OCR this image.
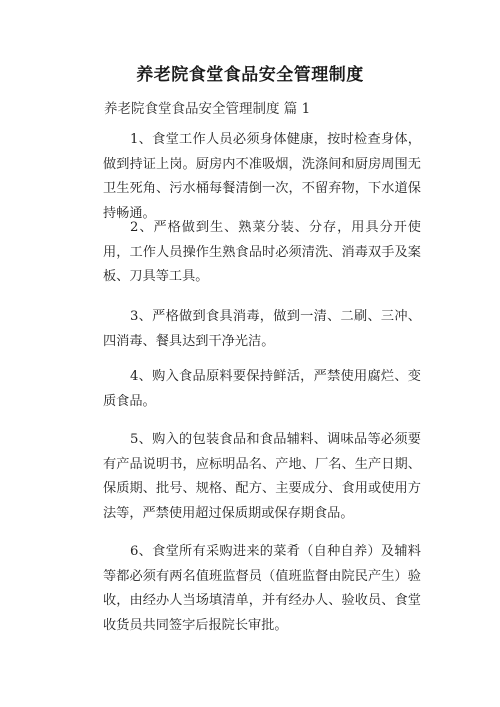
养老院食堂食品安全管理制度

养老院食堂食品安全管理制度 篇 1

1、食堂工作人员必须身体健康，按时检查身体，做到持证上岗。厨房内不准吸烟，洗涤间和厨房周围无卫生死角、污水桶每餐清倒一次，不留弃物，下水道保持畅通。

2、严格做到生、熟菜分装、分存，用具分开使用，工作人员操作生熟食品时必须清洗、消毒双手及案板、刀具等工具。

3、严格做到食具消毒，做到一清、二刷、三冲、四消毒、餐具达到干净光洁。

4、购入食品原料要保持鲜活，严禁使用腐烂、变质食品。

5、购入的包装食品和食品辅料、调味品等必须要有产品说明书，应标明品名、产地、厂名、生产日期、保质期、批号、规格、配方、主要成分、食用或使用方法等，严禁使用超过保质期或保存期食品。

6、食堂所有采购进来的菜肴（自种自养）及辅料等都必须有两名值班监督员（值班监督由院民产生）验收，由经办人当场填清单，并有经办人、验收员、食堂收货员共同签字后报院长审批。
